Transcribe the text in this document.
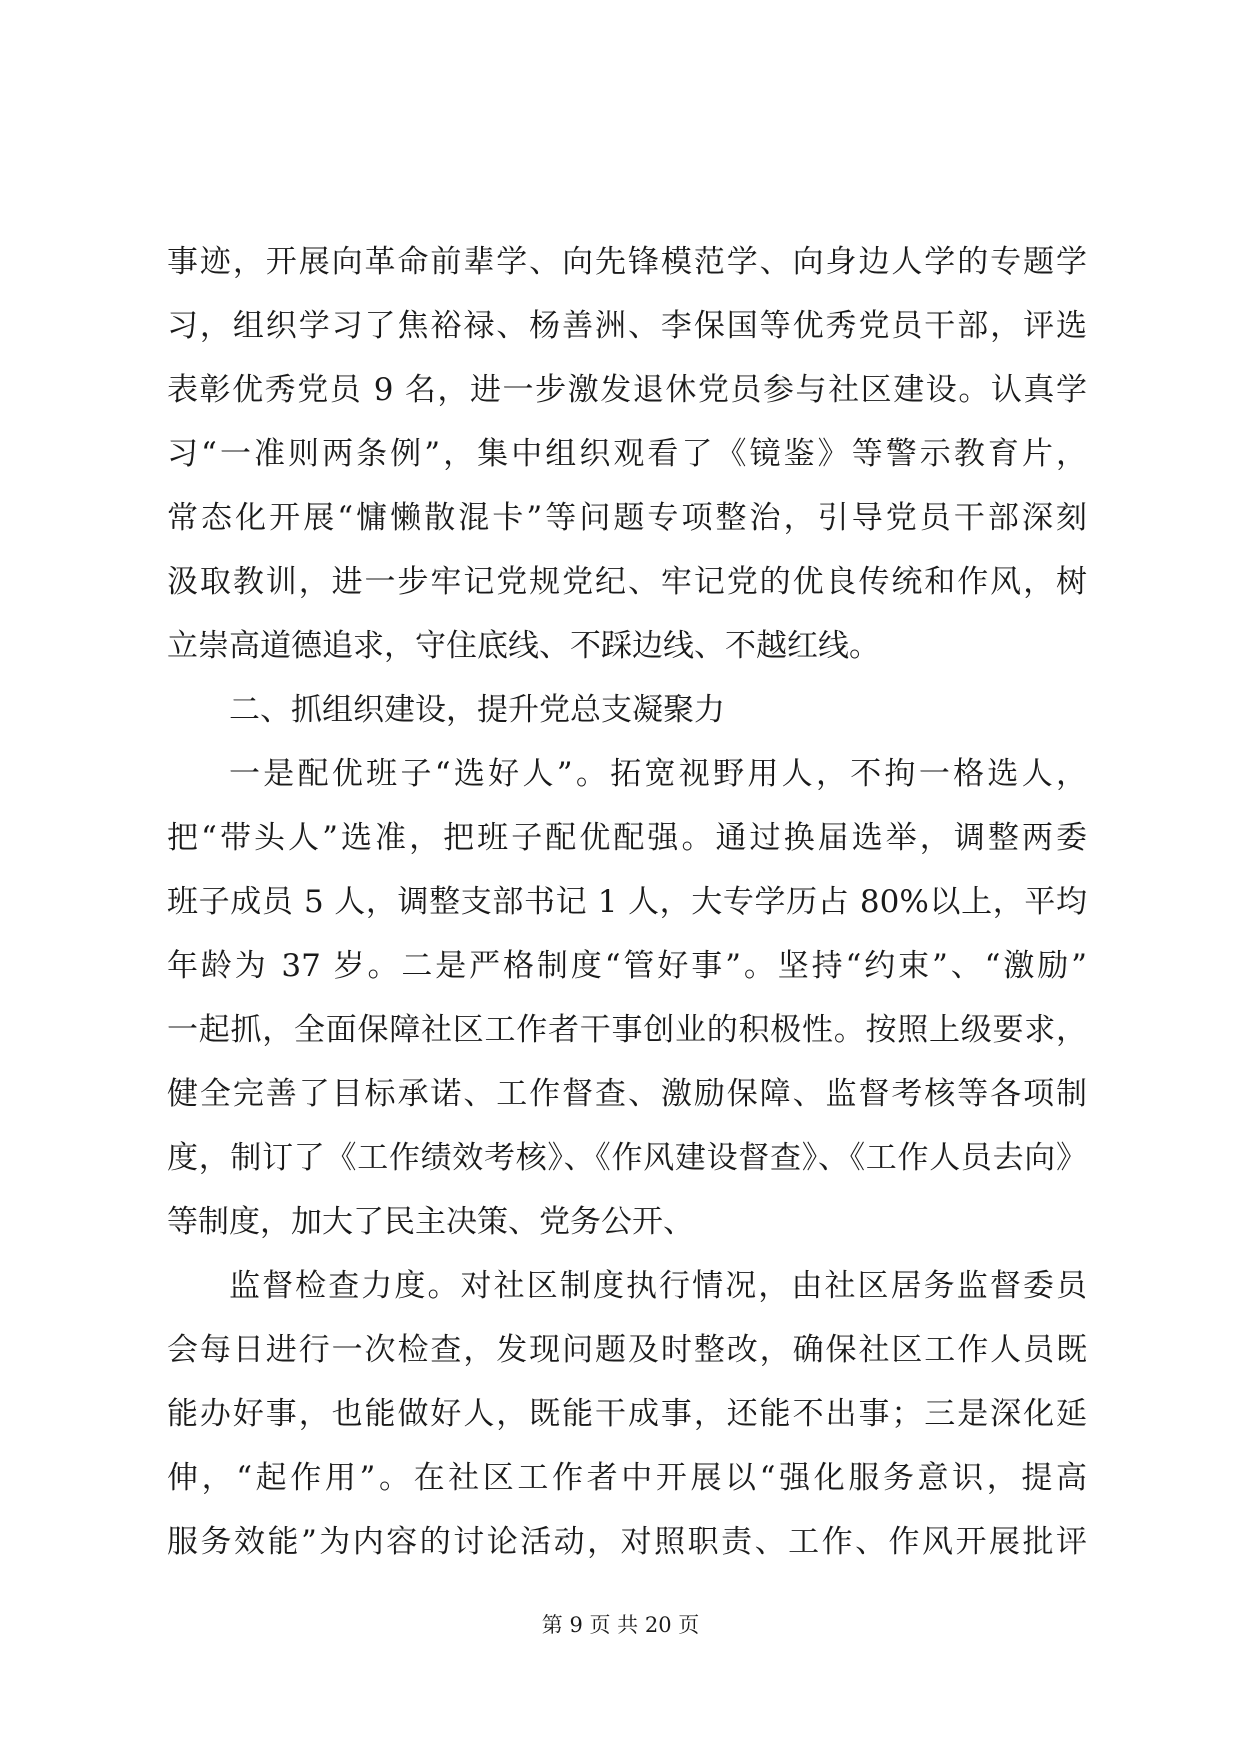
事迹，开展向革命前辈学、向先锋模范学、向身边人学的专题学
习，组织学习了焦裕禄、杨善洲、李保国等优秀党员干部，评选
表彰优秀党员 9 名，进一步激发退休党员参与社区建设。认真学
习“一准则两条例”，集中组织观看了《镜鉴》等警示教育片，
常态化开展“慵懒散混卡”等问题专项整治，引导党员干部深刻
汲取教训，进一步牢记党规党纪、牢记党的优良传统和作风，树
立崇高道德追求，守住底线、不踩边线、不越红线。
二、抓组织建设，提升党总支凝聚力
一是配优班子“选好人”。拓宽视野用人，不拘一格选人，
把“带头人”选准，把班子配优配强。通过换届选举，调整两委
班子成员 5 人，调整支部书记 1 人，大专学历占 80%以上，平均
年龄为 37 岁。二是严格制度“管好事”。坚持“约束”、“激励”
一起抓，全面保障社区工作者干事创业的积极性。按照上级要求，
健全完善了目标承诺、工作督查、激励保障、监督考核等各项制
度，制订了《工作绩效考核》、《作风建设督查》、《工作人员去向》
等制度，加大了民主决策、党务公开、
监督检查力度。对社区制度执行情况，由社区居务监督委员
会每日进行一次检查，发现问题及时整改，确保社区工作人员既
能办好事，也能做好人，既能干成事，还能不出事；三是深化延
伸，“起作用”。在社区工作者中开展以“强化服务意识，提高
服务效能”为内容的讨论活动，对照职责、工作、作风开展批评
第 9 页 共 20 页
